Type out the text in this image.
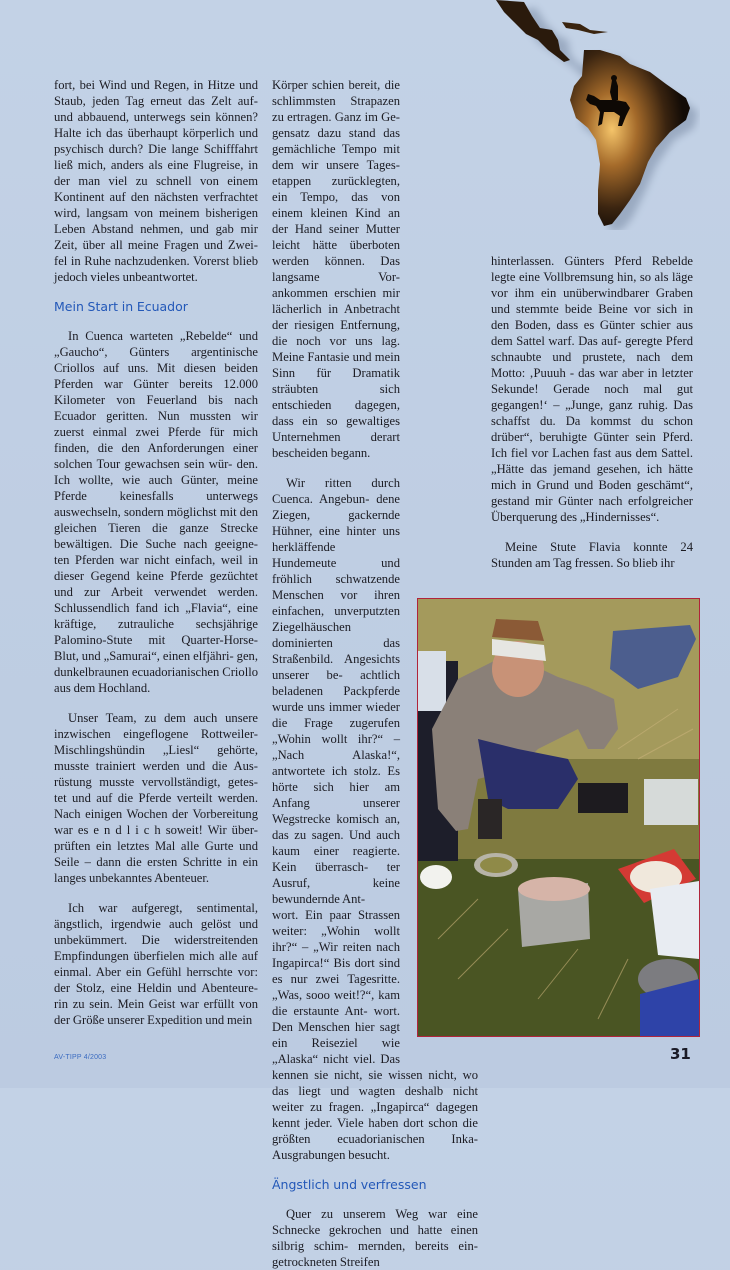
fort, bei Wind und Regen, in Hitze und Staub, jeden Tag erneut das Zelt auf- und abbauend, unterwegs sein können? Halte ich das überhaupt körperlich und psychisch durch? Die lange Schifffahrt ließ mich, anders als eine Flugreise, in der man viel zu schnell von einem Kontinent auf den nächsten verfrachtet wird, langsam von meinem bisherigen Leben Abstand nehmen, und gab mir Zeit, über all meine Fragen und Zwei- fel in Ruhe nachzudenken. Vorerst blieb jedoch vieles unbeantwortet.

Mein Start in Ecuador

In Cuenca warteten „Rebelde“ und „Gaucho“, Günters argentinische Criollos auf uns. Mit diesen beiden Pferden war Günter bereits 12.000 Kilometer von Feuerland bis nach Ecuador geritten. Nun mussten wir zuerst einmal zwei Pferde für mich finden, die den Anforderungen einer solchen Tour gewachsen sein wür- den. Ich wollte, wie auch Günter, meine Pferde keinesfalls unterwegs auswechseln, sondern möglichst mit den gleichen Tieren die ganze Strecke bewältigen. Die Suche nach geeigne- ten Pferden war nicht einfach, weil in dieser Gegend keine Pferde gezüchtet und zur Arbeit verwendet werden. Schlussendlich fand ich „Flavia“, eine kräftige, zutrauliche sechsjährige Palomino-Stute mit Quarter-Horse- Blut, und „Samurai“, einen elfjähri- gen, dunkelbraunen ecuadorianischen Criollo aus dem Hochland.

Unser Team, zu dem auch unsere inzwischen eingeflogene Rottweiler- Mischlingshündin „Liesl“ gehörte, musste trainiert werden und die Aus- rüstung musste vervollständigt, getes- tet und auf die Pferde verteilt werden. Nach einigen Wochen der Vorbereitung war es e n d l i c h soweit! Wir über- prüften ein letztes Mal alle Gurte und Seile – dann die ersten Schritte in ein langes unbekanntes Abenteuer.

Ich war aufgeregt, sentimental, ängstlich, irgendwie auch gelöst und unbekümmert. Die widerstreitenden Empfindungen überfielen mich alle auf einmal. Aber ein Gefühl herrschte vor: der Stolz, eine Heldin und Abenteure- rin zu sein. Mein Geist war erfüllt von der Größe unserer Expedition und mein

Körper schien bereit, die schlimmsten Strapazen zu ertragen. Ganz im Ge- gensatz dazu stand das gemächliche Tempo mit dem wir unsere Tages- etappen zurücklegten, ein Tempo, das von einem kleinen Kind an der Hand seiner Mutter leicht hätte überboten werden können. Das langsame Vor- ankommen erschien mir lächerlich in Anbetracht der riesigen Entfernung, die noch vor uns lag. Meine Fantasie und mein Sinn für Dramatik sträubten sich entschieden dagegen, dass ein so gewaltiges Unternehmen derart bescheiden begann.

Wir ritten durch Cuenca. Angebun- dene Ziegen, gackernde Hühner, eine hinter uns herkläffende Hundemeute und fröhlich schwatzende Menschen vor ihren einfachen, unverputzten Ziegelhäuschen dominierten das Straßenbild. Angesichts unserer be- achtlich beladenen Packpferde wurde uns immer wieder die Frage zugerufen „Wohin wollt ihr?“ – „Nach Alaska!“, antwortete ich stolz. Es hörte sich hier am Anfang unserer Wegstrecke komisch an, das zu sagen. Und auch kaum einer reagierte. Kein überrasch- ter Ausruf, keine bewundernde Ant-

wort. Ein paar Strassen weiter: „Wohin wollt ihr?“ – „Wir reiten nach Ingapirca!“ Bis dort sind es nur zwei Tagesritte. „Was, sooo weit!?“, kam die erstaunte Ant- wort. Den Menschen hier sagt ein Reiseziel wie „Alaska“ nicht viel. Das kennen sie nicht, sie wissen nicht, wo das liegt und wagten deshalb nicht weiter zu fragen. „Ingapirca“ dagegen kennt jeder. Viele haben dort schon die größten ecuadorianischen Inka- Ausgrabungen besucht.

Ängstlich und verfressen

Quer zu unserem Weg war eine Schnecke gekrochen und hatte einen silbrig schim- mernden, bereits ein- getrockneten Streifen

hinterlassen. Günters Pferd Rebelde legte eine Vollbremsung hin, so als läge vor ihm ein unüberwindbarer Graben und stemmte beide Beine vor sich in den Boden, dass es Günter schier aus dem Sattel warf. Das auf- geregte Pferd schnaubte und prustete, nach dem Motto: ‚Puuuh - das war aber in letzter Sekunde! Gerade noch mal gut gegangen!‘ – „Junge, ganz ruhig. Das schaffst du. Da kommst du schon drüber“, beruhigte Günter sein Pferd. Ich fiel vor Lachen fast aus dem Sattel. „Hätte das jemand gesehen, ich hätte mich in Grund und Boden geschämt“, gestand mir Günter nach erfolgreicher Überquerung des „Hindernisses“.

Meine Stute Flavia konnte 24 Stunden am Tag fressen. So blieb ihr

AV-TIPP 4/2003	31
